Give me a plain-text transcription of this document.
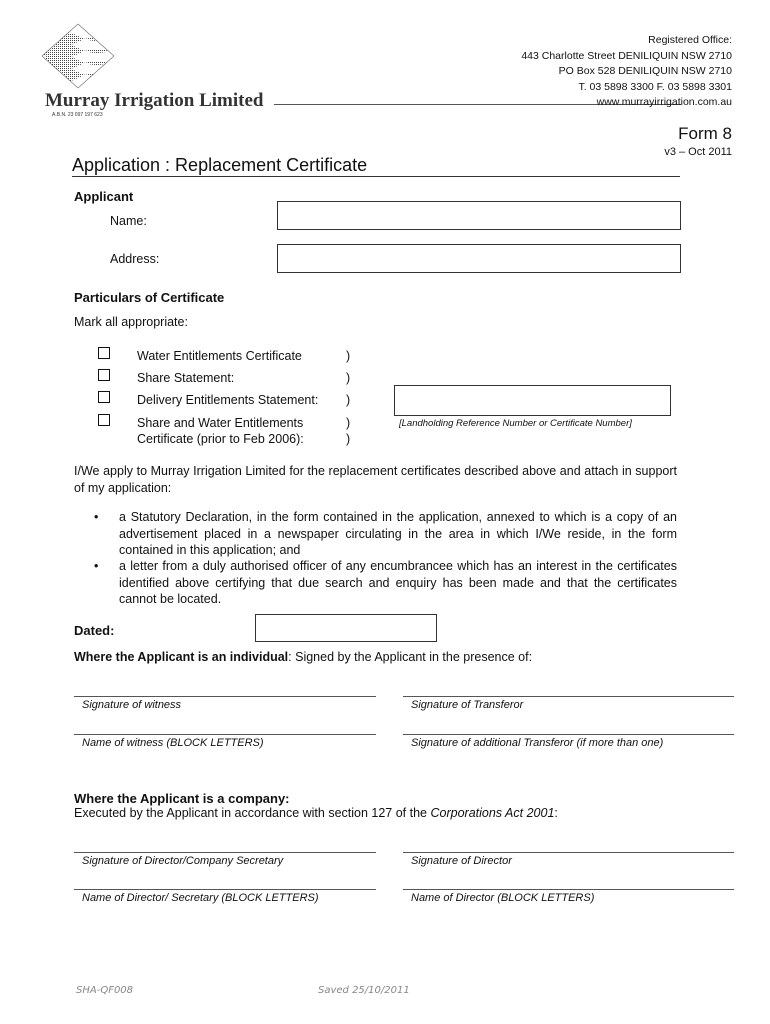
Murray Irrigation Limited
A.B.N. 23 097 197 623
Registered Office:
443 Charlotte Street DENILIQUIN NSW 2710
PO Box 528 DENILIQUIN NSW 2710
T. 03 5898 3300 F. 03 5898 3301
www.murrayirrigation.com.au
Form 8
v3 – Oct 2011
Application : Replacement Certificate
Applicant
Name:
Address:
Particulars of Certificate
Mark all appropriate:
Water Entitlements Certificate	)
Share Statement:	)
Delivery Entitlements Statement: )
Share and Water Entitlements	)
Certificate (prior to Feb 2006):	)
[Landholding Reference Number or Certificate Number]
I/We apply to Murray Irrigation Limited for the replacement certificates described above and attach in support of my application:
• a Statutory Declaration, in the form contained in the application, annexed to which is a copy of an advertisement placed in a newspaper circulating in the area in which I/We reside, in the form contained in this application; and
• a letter from a duly authorised officer of any encumbrancee which has an interest in the certificates identified above certifying that due search and enquiry has been made and that the certificates cannot be located.
Dated:
Where the Applicant is an individual: Signed by the Applicant in the presence of:
Signature of witness	Signature of Transferor
Name of witness (BLOCK LETTERS)	Signature of additional Transferor (if more than one)
Where the Applicant is a company:
Executed by the Applicant in accordance with section 127 of the Corporations Act 2001:
Signature of Director/Company Secretary	Signature of Director
Name of Director/ Secretary (BLOCK LETTERS)	Name of Director (BLOCK LETTERS)
SHA-QF008	Saved 25/10/2011
